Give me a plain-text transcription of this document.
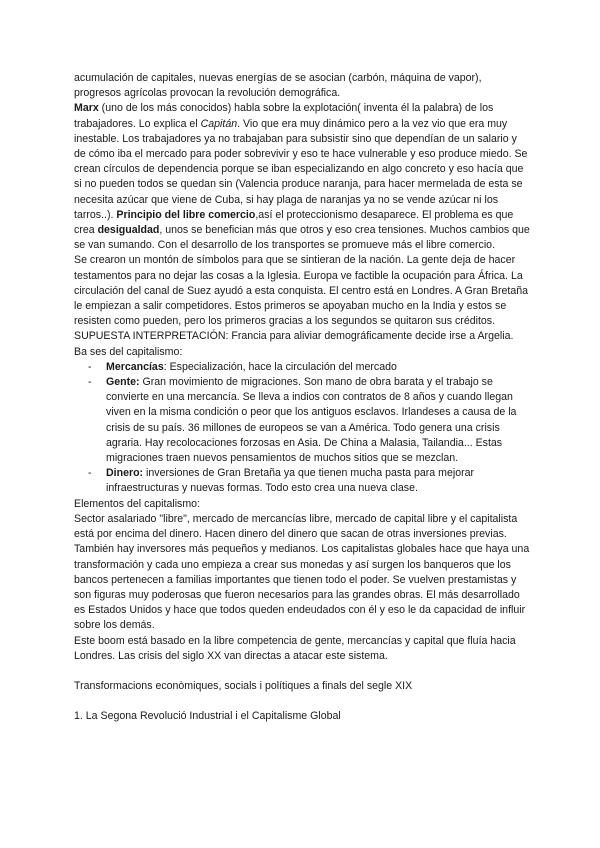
acumulación de capitales, nuevas energías de se asocian (carbón, máquina de vapor), progresos agrícolas provocan la revolución demográfica.

Marx (uno de los más conocidos) habla sobre la explotación( inventa él la palabra) de los trabajadores. Lo explica el Capitán. Vio que era muy dinámico pero a la vez vio que era muy inestable. Los trabajadores ya no trabajaban para subsistir sino que dependían de un salario y de cómo iba el mercado para poder sobrevivir y eso te hace vulnerable y eso produce miedo. Se crean círculos de dependencia porque se iban especializando en algo concreto y eso hacía que si no pueden todos se quedan sin (Valencia produce naranja, para hacer mermelada de esta se necesita azúcar que viene de Cuba, si hay plaga de naranjas ya no se vende azúcar ni los tarros..). Principio del libre comercio,así el proteccionismo desaparece. El problema es que crea desigualdad, unos se benefician más que otros y eso crea tensiones. Muchos cambios que se van sumando. Con el desarrollo de los transportes se promueve más el libre comercio.

Se crearon un montón de símbolos para que se sintieran de la nación. La gente deja de hacer testamentos para no dejar las cosas a la Iglesia. Europa ve factible la ocupación para África. La circulación del canal de Suez ayudó a esta conquista. El centro está en Londres. A Gran Bretaña le empiezan a salir competidores. Estos primeros se apoyaban mucho en la India y estos se resisten como pueden, pero los primeros gracias a los segundos se quitaron sus créditos.

SUPUESTA INTERPRETACIÓN: Francia para aliviar demográficamente decide irse a Argelia.

Ba ses del capitalismo:

- Mercancías: Especialización, hace la circulación del mercado
- Gente: Gran movimiento de migraciones. Son mano de obra barata y el trabajo se convierte en una mercancía. Se lleva a indios con contratos de 8 años y cuando llegan viven en la misma condición o peor que los antiguos esclavos. Irlandeses a causa de la crisis de su país. 36 millones de europeos se van a América. Todo genera una crisis agraria. Hay recolocaciones forzosas en Asia. De China a Malasia, Tailandia... Estas migraciones traen nuevos pensamientos de muchos sitios que se mezclan.
- Dinero: inversiones de Gran Bretaña ya que tienen mucha pasta para mejorar infraestructuras y nuevas formas. Todo esto crea una nueva clase.

Elementos del capitalismo:

Sector asalariado "libre", mercado de mercancías libre, mercado de capital libre y el capitalista está por encima del dinero. Hacen dinero del dinero que sacan de otras inversiones previas. También hay inversores más pequeños y medianos. Los capitalistas globales hace que haya una transformación y cada uno empieza a crear sus monedas y así surgen los banqueros que los bancos pertenecen a familias importantes que tienen todo el poder. Se vuelven prestamistas y son figuras muy poderosas que fueron necesarios para las grandes obras. El más desarrollado es Estados Unidos y hace que todos queden endeudados con él y eso le da capacidad de influir sobre los demás.

Este boom está basado en la libre competencia de gente, mercancías y capital que fluía hacia Londres. Las crisis del siglo XX van directas a atacar este sistema.

Transformacions econòmiques, socials i polítiques a finals del segle XIX

1. La Segona Revolució Industrial i el Capitalisme Global
